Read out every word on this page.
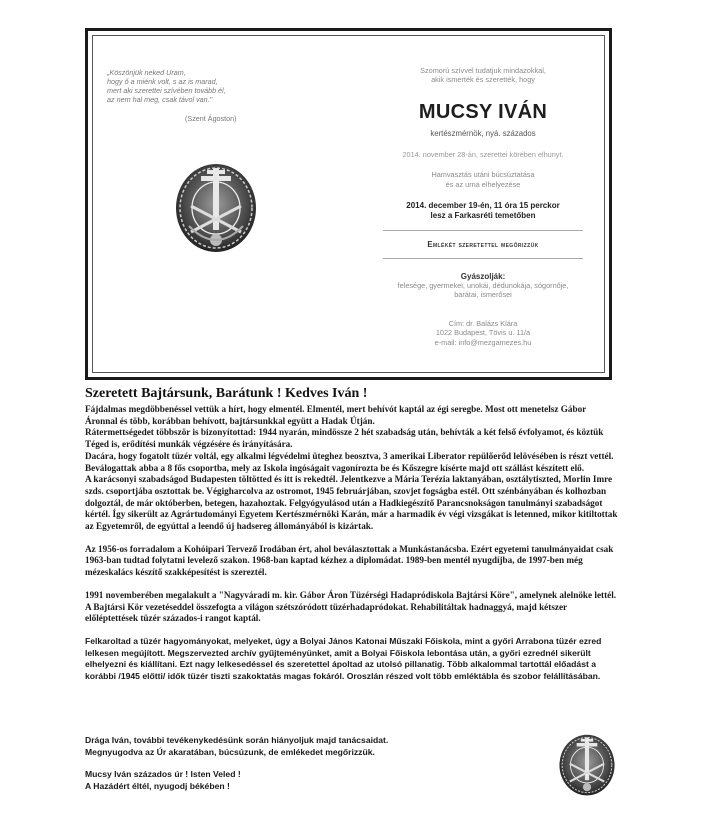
„Köszönjük neked Uram,
hogy ő a miénk volt, s az is marad,
mert aki szerettei szívében tovább él,
az nem hal meg, csak távol van."
(Szent Ágoston)
Szomorú szívvel tudatjuk mindazokkal,
akik ismerték és szerették, hogy
MUCSY IVÁN
kertészmérnök, nyá. százados
2014. november 28-án, szerettei körében elhunyt.
Hamvasztás utáni búcsúztatása
és az urna elhelyezése
2014. december 19-én, 11 óra 15 perckor
lesz a Farkasréti temetőben
Emlékét szeretettel megőrizzük
Gyászolják:
felesége, gyermekei, unokái, dédunokája, sógornője,
barátai, ismerősei
Cím: dr. Balázs Klára
1022 Budapest, Tövis u. 11/a
e-mail: info@mezgamezes.hu
Szeretett Bajtársunk, Barátunk ! Kedves Iván !

Fájdalmas megdöbbenéssel vettük a hírt, hogy elmentél. Elmentél, mert behívót kaptál az égi seregbe. Most ott menetelsz Gábor Áronnal és több, korábban behívott, bajtársunkkal együtt a Hadak Útján.

Rátermettségedet többször is bizonyítottad: 1944 nyarán, mindössze 2 hét szabadság után, behívták a két felső évfolyamot, és köztük Téged is, erődítési munkák végzésére és irányítására.

Dacára, hogy fogatolt tüzér voltál, egy alkalmi légvédelmi üteghez beosztva, 3 amerikai Liberator repülőerőd lelövésében is részt vettél. Beválogattak abba a 8 fős csoportba, mely az Iskola ingóságait vagonírozta be és Kőszegre kísérte majd ott szállást készített elő.

A karácsonyi szabadságod Budapesten töltötted és itt is rekedtél. Jelentkezve a Mária Terézia laktanyában, osztálytiszted, Morlin Imre szds. csoportjába osztottak be. Végigharcolva az ostromot, 1945 februárjában, szovjet fogságba estél. Ott szénbányában és kolhozban dolgoztál, de már októberben, betegen, hazahoztak. Felgyógyulásod után a Hadkiegészítő Parancsnokságon tanulmányi szabadságot kértél. Így sikerült az Agrártudományi Egyetem Kertészmérnöki Karán, már a harmadik év végi vizsgákat is letenned, mikor kitiltottak az Egyetemről, de egyúttal a leendő új hadsereg állományából is kizártak.

Az 1956-os forradalom a Kohóipari Tervező Irodában ért, ahol beválasztottak a Munkástanácsba. Ezért egyetemi tanulmányaidat csak 1963-ban tudtad folytatni levelező szakon. 1968-ban kaptad kézhez a diplomádat. 1989-ben mentél nyugdíjba, de 1997-ben még mézeskalács készítő szakképesítést is szereztél.

1991 novemberében megalakult a "Nagyváradi m. kir. Gábor Áron Tüzérségi Hadapródiskola Bajtársi Köre", amelynek alelnöke lettél. A Bajtársi Kör vezetéseddel összefogta a világon szétszóródott tüzérhadapródokat. Rehabilitáltak hadnaggyá, majd kétszer előléptettések tüzér százados-i rangot kaptál.

Felkaroltad a tüzér hagyományokat, melyeket, úgy a Bolyai János Katonai Műszaki Főiskola, mint a győri Arrabona tüzér ezred lelkesen megújított. Megszervezted archív gyűjteményünket, amit a Bolyai Főiskola lebontása után, a győri ezrednél sikerült elhelyezni és kiállítani. Ezt nagy lelkesedéssel és szeretettel ápoltad az utolsó pillanatig. Több alkalommal tartottál előadást a korábbi /1945 előtti/ idők tüzér tiszti szakoktatás magas fokáról. Oroszlán részed volt több emléktábla és szobor felállításában.

Drága Iván, további tevékenykedésünk során hiányoljuk majd tanácsaidat.
Megnyugodva az Úr akaratában, búcsúzunk, de emlékedet megőrizzük.
Mucsy Iván százados úr ! Isten Veled !
A Hazádért éltél, nyugodj békében !
